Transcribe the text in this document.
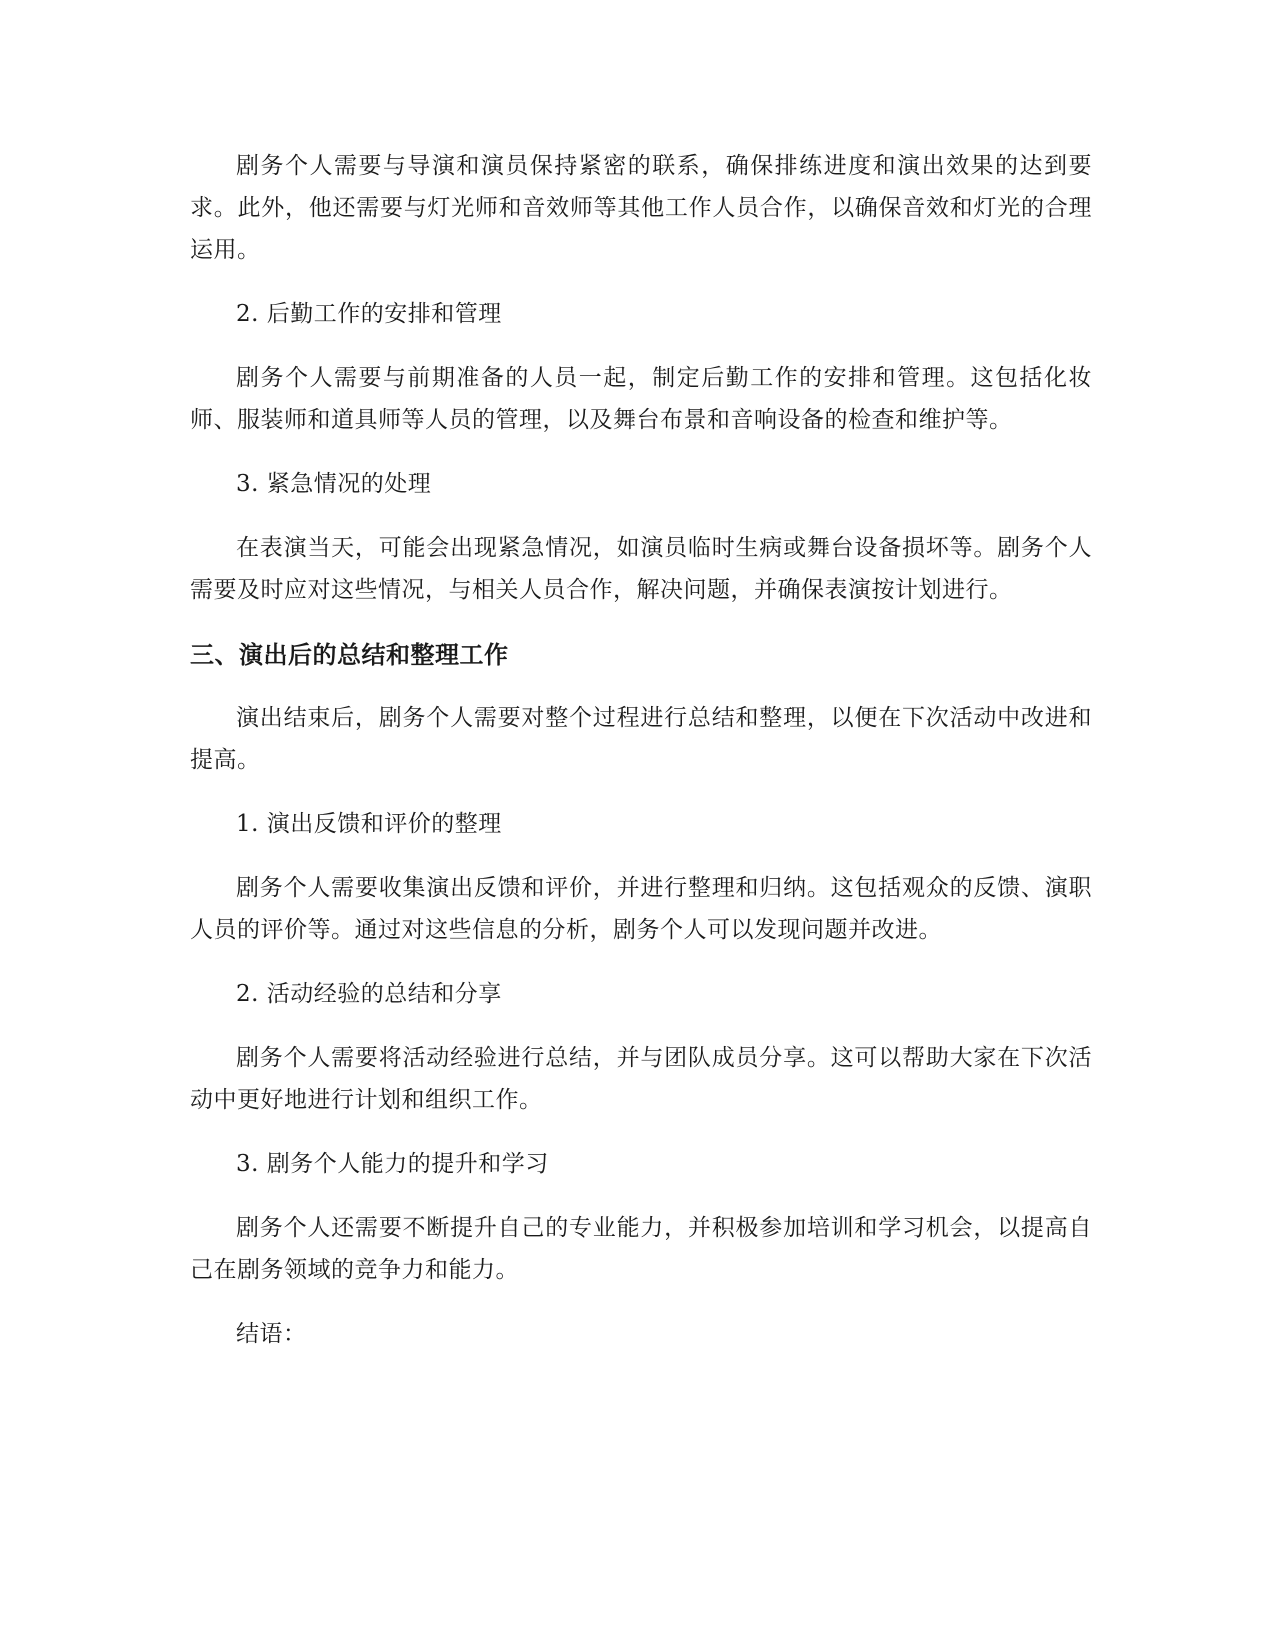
剧务个人需要与导演和演员保持紧密的联系，确保排练进度和演出效果的达到要求。此外，他还需要与灯光师和音效师等其他工作人员合作，以确保音效和灯光的合理运用。

2. 后勤工作的安排和管理

剧务个人需要与前期准备的人员一起，制定后勤工作的安排和管理。这包括化妆师、服装师和道具师等人员的管理，以及舞台布景和音响设备的检查和维护等。

3. 紧急情况的处理

在表演当天，可能会出现紧急情况，如演员临时生病或舞台设备损坏等。剧务个人需要及时应对这些情况，与相关人员合作，解决问题，并确保表演按计划进行。

三、演出后的总结和整理工作

演出结束后，剧务个人需要对整个过程进行总结和整理，以便在下次活动中改进和提高。

1. 演出反馈和评价的整理

剧务个人需要收集演出反馈和评价，并进行整理和归纳。这包括观众的反馈、演职人员的评价等。通过对这些信息的分析，剧务个人可以发现问题并改进。

2. 活动经验的总结和分享

剧务个人需要将活动经验进行总结，并与团队成员分享。这可以帮助大家在下次活动中更好地进行计划和组织工作。

3. 剧务个人能力的提升和学习

剧务个人还需要不断提升自己的专业能力，并积极参加培训和学习机会，以提高自己在剧务领域的竞争力和能力。

结语：
